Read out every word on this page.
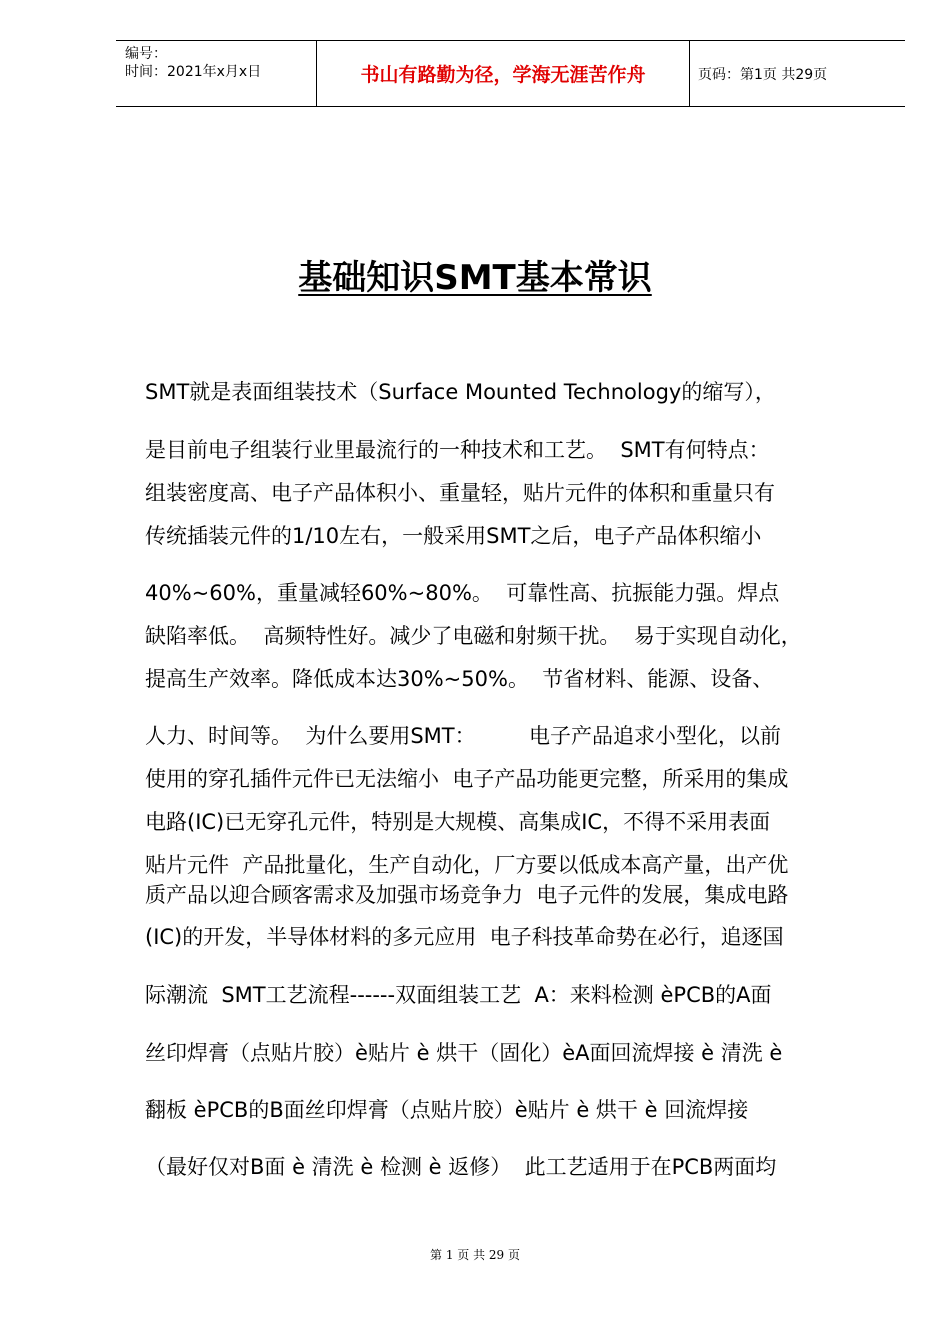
编号：
时间：2021年x月x日	书山有路勤为径，学海无涯苦作舟	页码：第1页 共29页
基础知识SMT基本常识
SMT就是表面组装技术（Surface Mounted Technology的缩写），
是目前电子组装行业里最流行的一种技术和工艺。  SMT有何特点：
组装密度高、电子产品体积小、重量轻，贴片元件的体积和重量只有
传统插装元件的1/10左右，一般采用SMT之后，电子产品体积缩小
40%~60%，重量减轻60%~80%。  可靠性高、抗振能力强。焊点
缺陷率低。  高频特性好。减少了电磁和射频干扰。  易于实现自动化，
提高生产效率。降低成本达30%~50%。  节省材料、能源、设备、
人力、时间等。  为什么要用SMT：        电子产品追求小型化，以前
使用的穿孔插件元件已无法缩小  电子产品功能更完整，所采用的集成
电路(IC)已无穿孔元件，特别是大规模、高集成IC，不得不采用表面
贴片元件  产品批量化，生产自动化，厂方要以低成本高产量，出产优
质产品以迎合顾客需求及加强市场竞争力  电子元件的发展，集成电路
(IC)的开发，半导体材料的多元应用  电子科技革命势在必行，追逐国
际潮流  SMT工艺流程------双面组装工艺  A：来料检测 èPCB的A面
丝印焊膏（点贴片胶）è贴片 è 烘干（固化）èA面回流焊接 è 清洗 è
翻板 èPCB的B面丝印焊膏（点贴片胶）è贴片 è 烘干 è 回流焊接
（最好仅对B面 è 清洗 è 检测 è 返修）  此工艺适用于在PCB两面均
第 1 页 共 29 页
